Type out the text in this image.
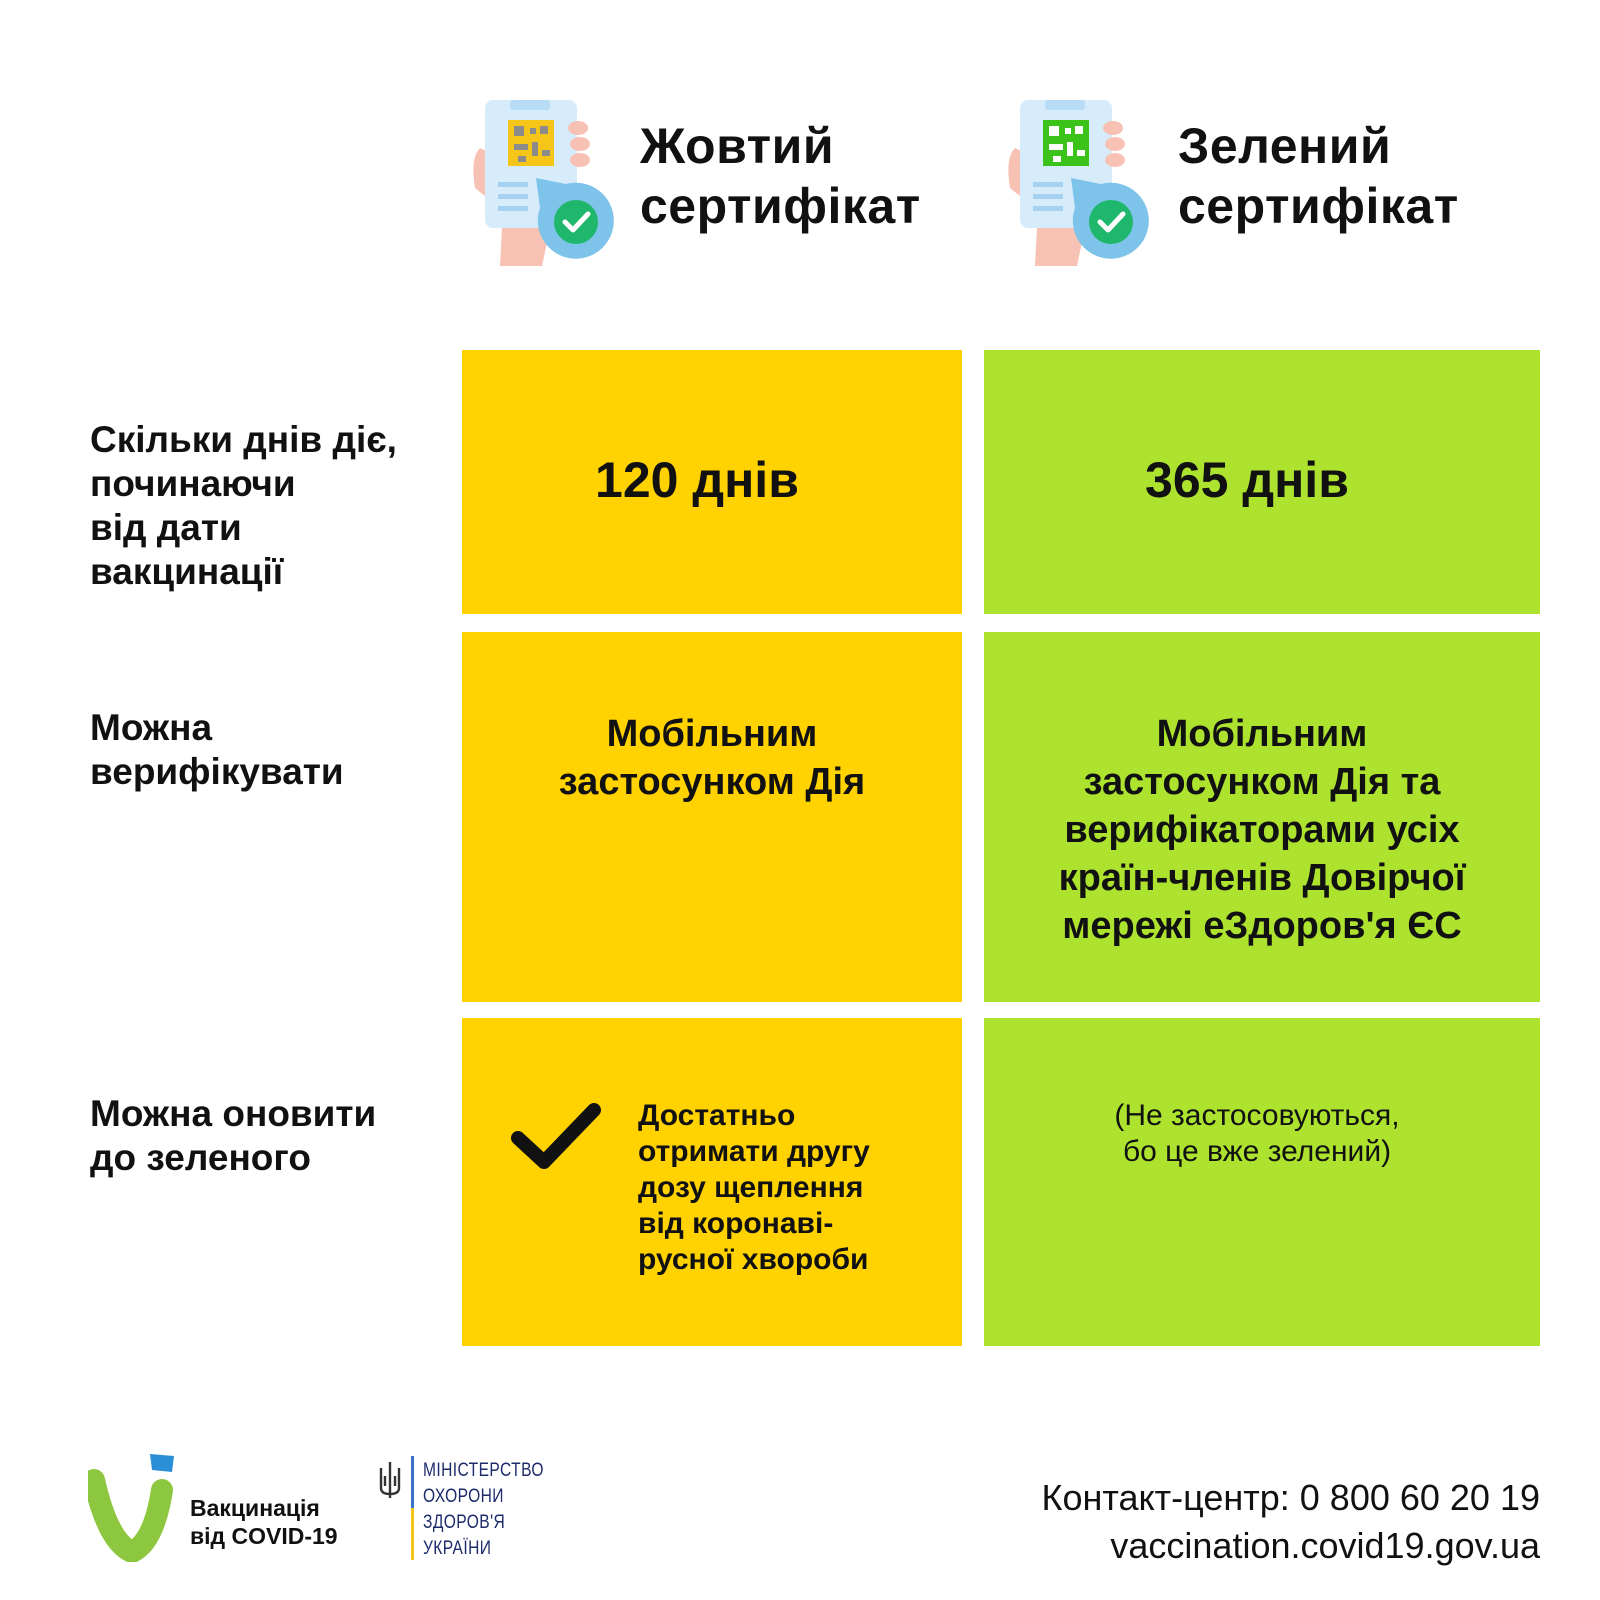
Жовтий
сертифікат
Зелений
сертифікат
Скільки днів діє,
починаючи
від дати
вакцинації
120 днів	365 днів
Можна
верифікувати
Мобільним
застосунком Дія
Мобільним
застосунком Дія та
верифікаторами усіх
країн-членів Довірчої
мережі еЗдоров'я ЄС
Можна оновити
до зеленого
Достатньо
отримати другу
дозу щеплення
від коронаві-
русної хвороби
(Не застосовуються,
бо це вже зелений)
Вакцинація
від COVID-19
МІНІСТЕРСТВО
ОХОРОНИ
ЗДОРОВ'Я
УКРАЇНИ
Контакт-центр: 0 800 60 20 19
vaccination.covid19.gov.ua
